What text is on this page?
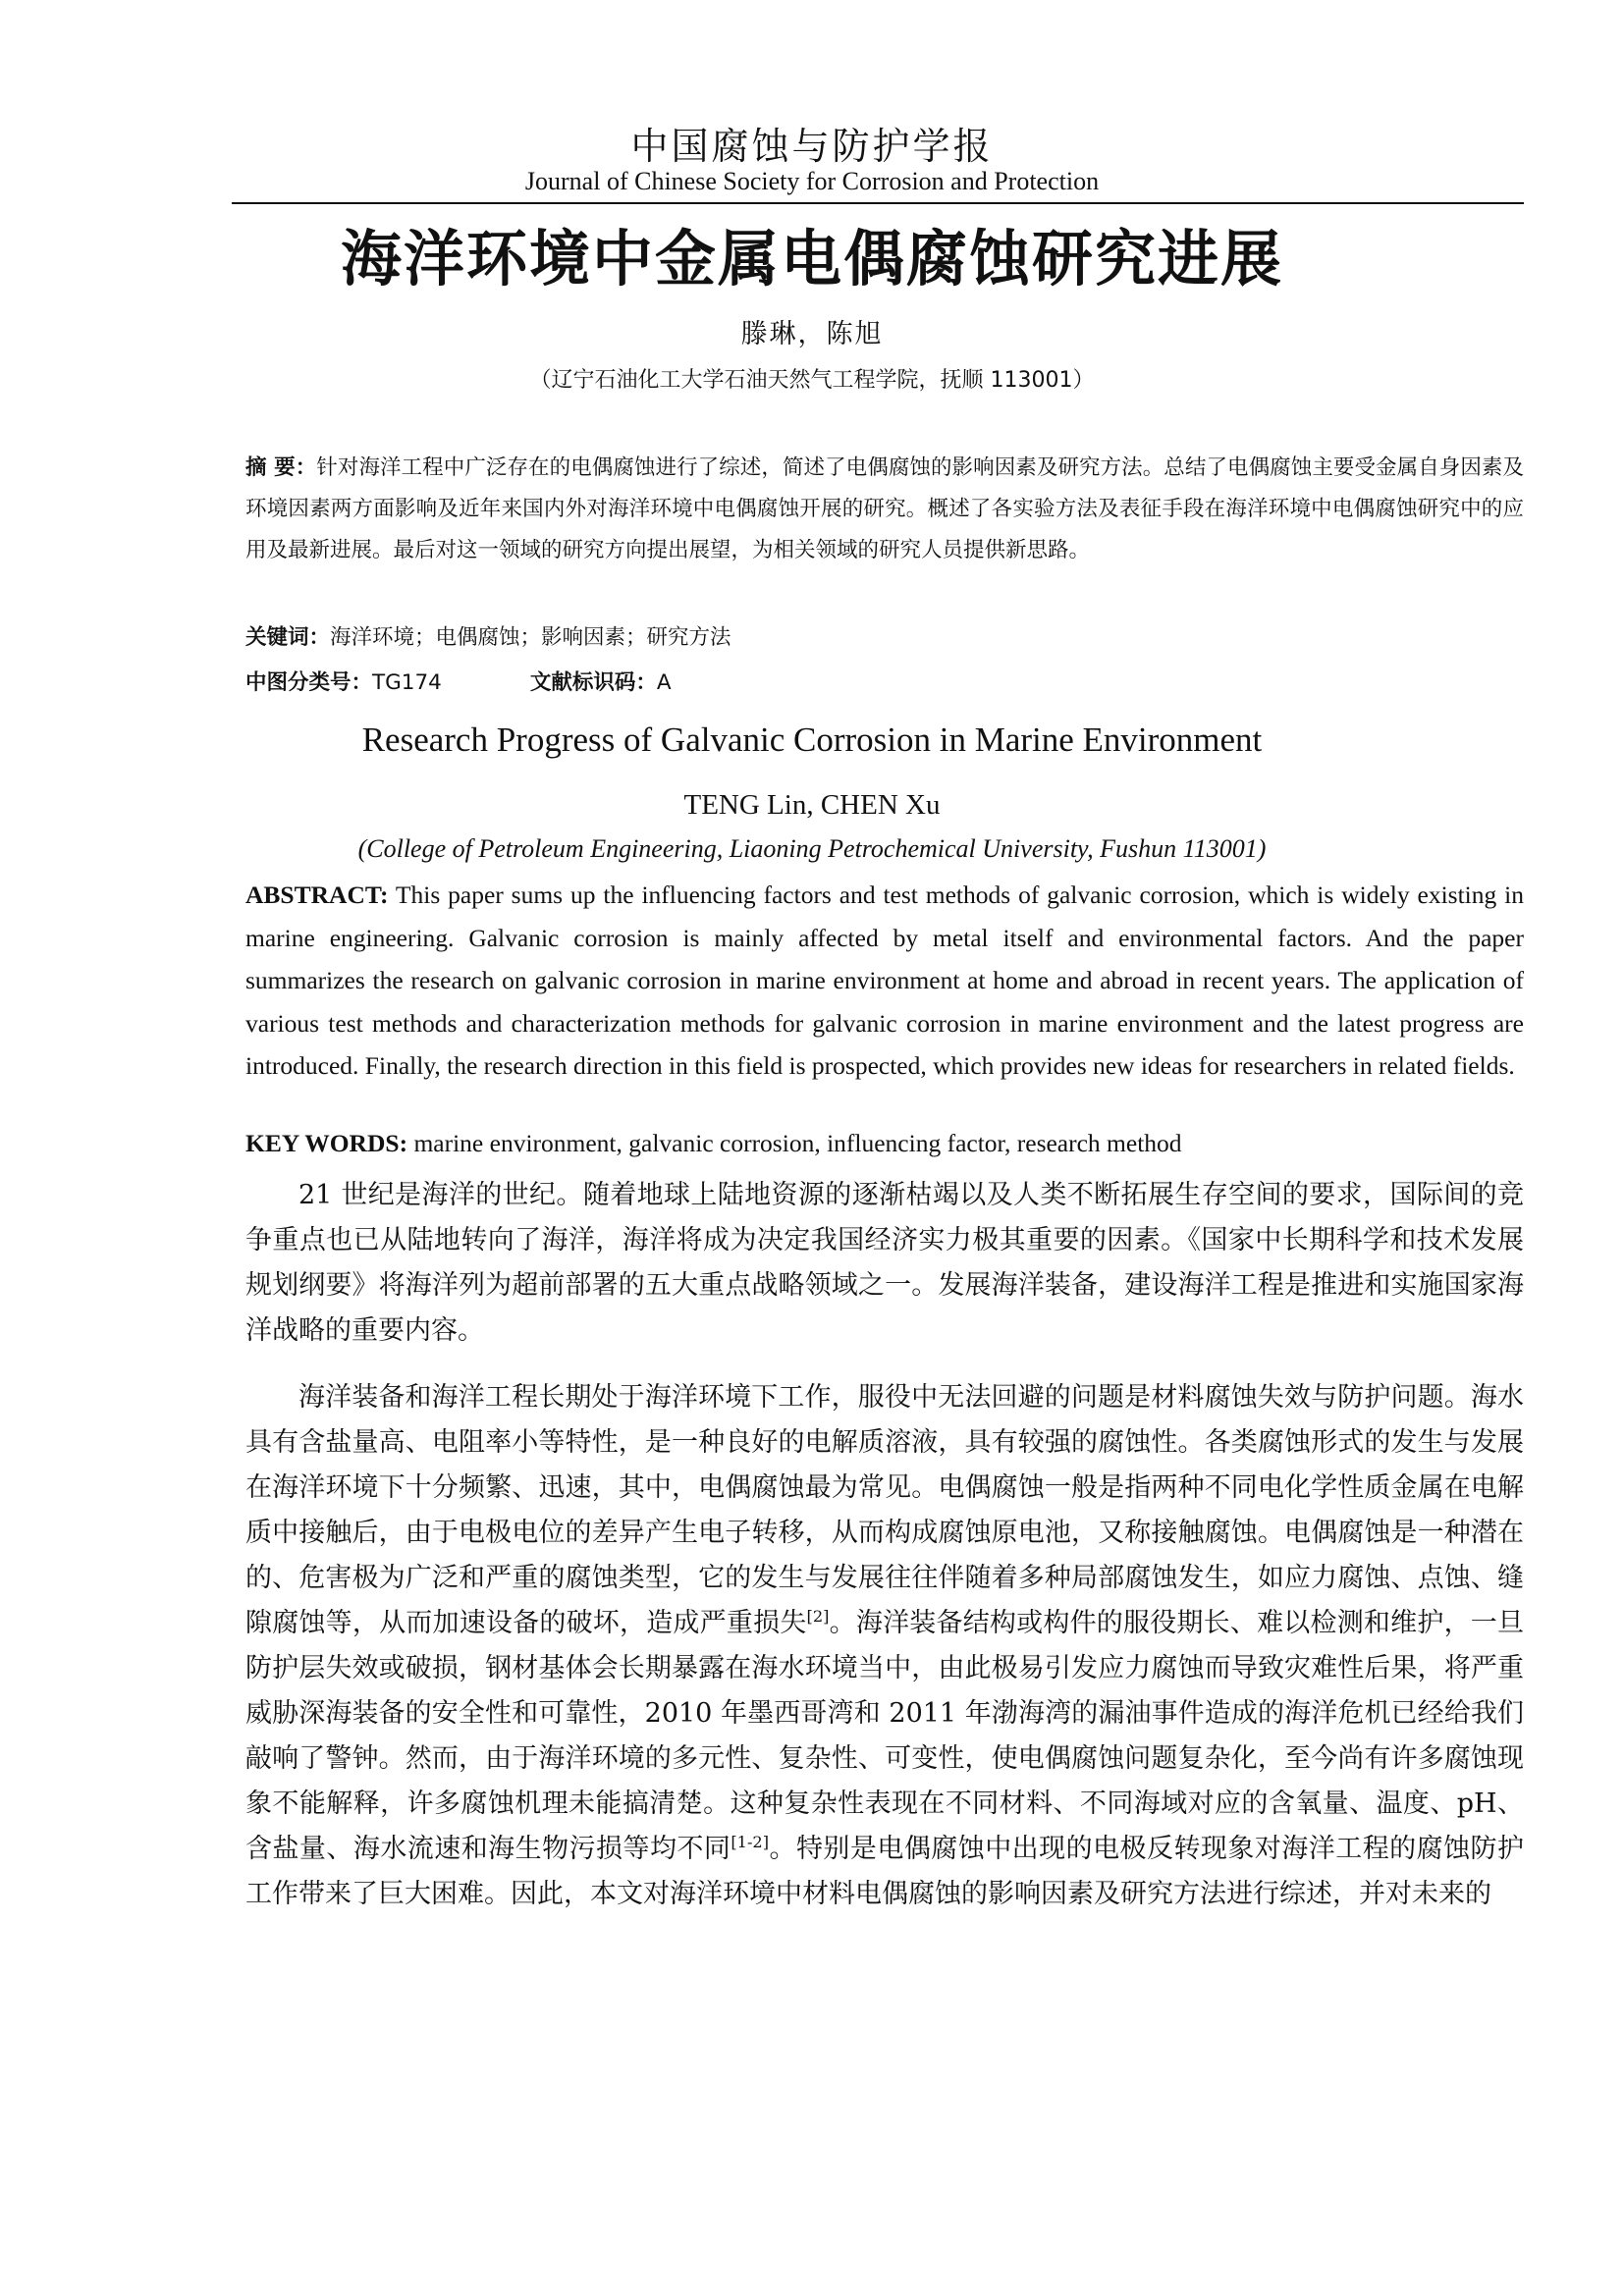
中国腐蚀与防护学报
Journal of Chinese Society for Corrosion and Protection
海洋环境中金属电偶腐蚀研究进展
滕琳，陈旭
（辽宁石油化工大学石油天然气工程学院，抚顺 113001）
摘 要：针对海洋工程中广泛存在的电偶腐蚀进行了综述，简述了电偶腐蚀的影响因素及研究方法。总结了电偶腐蚀主要受金属自身因素及环境因素两方面影响及近年来国内外对海洋环境中电偶腐蚀开展的研究。概述了各实验方法及表征手段在海洋环境中电偶腐蚀研究中的应用及最新进展。最后对这一领域的研究方向提出展望，为相关领域的研究人员提供新思路。
关键词：海洋环境；电偶腐蚀；影响因素；研究方法
中图分类号：TG174	文献标识码：A
Research Progress of Galvanic Corrosion in Marine Environment
TENG Lin, CHEN Xu
(College of Petroleum Engineering, Liaoning Petrochemical University, Fushun 113001)
ABSTRACT: This paper sums up the influencing factors and test methods of galvanic corrosion, which is widely existing in marine engineering. Galvanic corrosion is mainly affected by metal itself and environmental factors. And the paper summarizes the research on galvanic corrosion in marine environment at home and abroad in recent years. The application of various test methods and characterization methods for galvanic corrosion in marine environment and the latest progress are introduced. Finally, the research direction in this field is prospected, which provides new ideas for researchers in related fields.
KEY WORDS: marine environment, galvanic corrosion, influencing factor, research method

21 世纪是海洋的世纪。随着地球上陆地资源的逐渐枯竭以及人类不断拓展生存空间的要求，国际间的竞争重点也已从陆地转向了海洋，海洋将成为决定我国经济实力极其重要的因素。《国家中长期科学和技术发展规划纲要》将海洋列为超前部署的五大重点战略领域之一。发展海洋装备，建设海洋工程是推进和实施国家海洋战略的重要内容。

海洋装备和海洋工程长期处于海洋环境下工作，服役中无法回避的问题是材料腐蚀失效与防护问题。海水具有含盐量高、电阻率小等特性，是一种良好的电解质溶液，具有较强的腐蚀性。各类腐蚀形式的发生与发展在海洋环境下十分频繁、迅速，其中，电偶腐蚀最为常见。电偶腐蚀一般是指两种不同电化学性质金属在电解质中接触后，由于电极电位的差异产生电子转移，从而构成腐蚀原电池，又称接触腐蚀。电偶腐蚀是一种潜在的、危害极为广泛和严重的腐蚀类型，它的发生与发展往往伴随着多种局部腐蚀发生，如应力腐蚀、点蚀、缝隙腐蚀等，从而加速设备的破坏，造成严重损失[2]。海洋装备结构或构件的服役期长、难以检测和维护，一旦防护层失效或破损，钢材基体会长期暴露在海水环境当中，由此极易引发应力腐蚀而导致灾难性后果，将严重威胁深海装备的安全性和可靠性，2010 年墨西哥湾和 2011 年渤海湾的漏油事件造成的海洋危机已经给我们敲响了警钟。然而，由于海洋环境的多元性、复杂性、可变性，使电偶腐蚀问题复杂化，至今尚有许多腐蚀现象不能解释，许多腐蚀机理未能搞清楚。这种复杂性表现在不同材料、不同海域对应的含氧量、温度、pH、含盐量、海水流速和海生物污损等均不同[1-2]。特别是电偶腐蚀中出现的电极反转现象对海洋工程的腐蚀防护工作带来了巨大困难。因此，本文对海洋环境中材料电偶腐蚀的影响因素及研究方法进行综述，并对未来的
